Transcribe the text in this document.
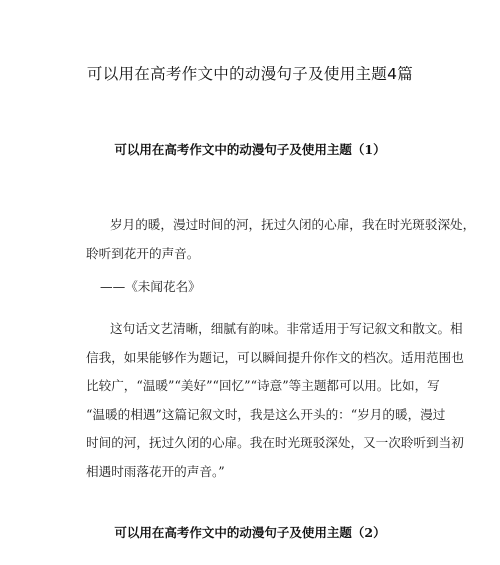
可以用在高考作文中的动漫句子及使用主题4篇
可以用在高考作文中的动漫句子及使用主题（1）
岁月的暖，漫过时间的河，抚过久闭的心扉，我在时光斑驳深处，
聆听到花开的声音。
——《未闻花名》
这句话文艺清晰，细腻有韵味。非常适用于写记叙文和散文。相
信我，如果能够作为题记，可以瞬间提升你作文的档次。适用范围也
比较广，“温暖”“美好”“回忆”“诗意”等主题都可以用。比如，写
“温暖的相遇”这篇记叙文时，我是这么开头的：“岁月的暖，漫过
时间的河，抚过久闭的心扉。我在时光斑驳深处，又一次聆听到当初
相遇时雨落花开的声音。”
可以用在高考作文中的动漫句子及使用主题（2）
